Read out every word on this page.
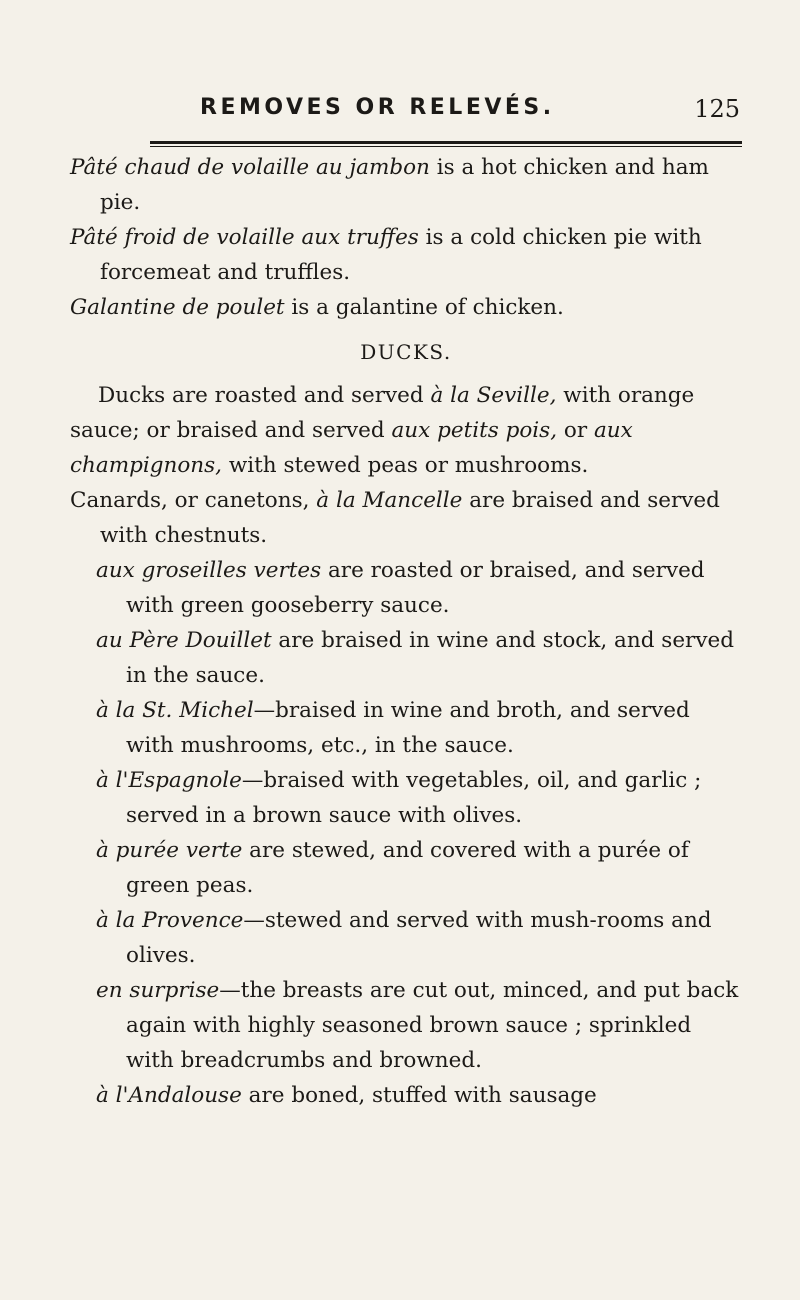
REMOVES OR RELEVÉS.	125

Pâté chaud de volaille au jambon is a hot chicken and ham pie.

Pâté froid de volaille aux truffes is a cold chicken pie with forcemeat and truffles.

Galantine de poulet is a galantine of chicken.

DUCKS.

Ducks are roasted and served à la Seville, with orange sauce; or braised and served aux petits pois, or aux champignons, with stewed peas or mushrooms.

Canards, or canetons, à la Mancelle are braised and served with chestnuts.

aux groseilles vertes are roasted or braised, and served with green gooseberry sauce.

au Père Douillet are braised in wine and stock, and served in the sauce.

à la St. Michel—braised in wine and broth, and served with mushrooms, etc., in the sauce.

à l'Espagnole—braised with vegetables, oil, and garlic ; served in a brown sauce with olives.

à purée verte are stewed, and covered with a purée of green peas.

à la Provence—stewed and served with mush-rooms and olives.

en surprise—the breasts are cut out, minced, and put back again with highly seasoned brown sauce ; sprinkled with breadcrumbs and browned.

à l'Andalouse are boned, stuffed with sausage
